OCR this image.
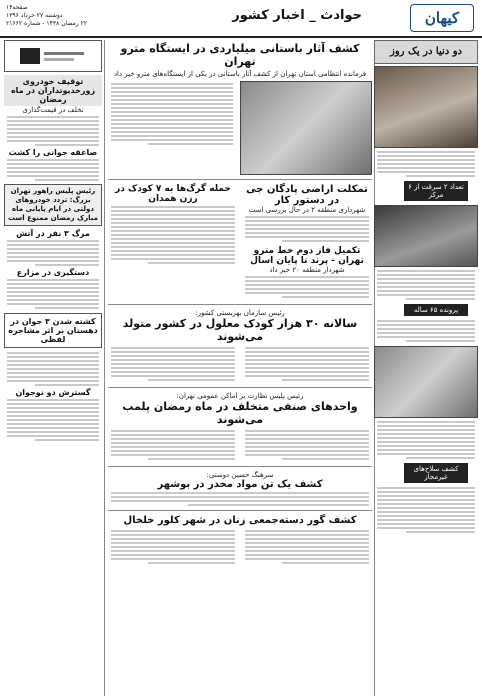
کیهان
حوادث _ اخبار کشور
صفحه۱۴
دوشنبه ۲۷ خرداد ۱۳۹۶
۲۲ رمضان ۱۴۳۸ - شماره ۲۱۶۶۲
دو دنیا در یک روز
تعداد ۲ سرقت از ۶ مرکز
پرونده ۶۵ ساله
کشف سلاح‌های غیرمجاز
کشف آثار باستانی میلیاردی در ایستگاه مترو تهران
فرمانده انتظامی استان تهران از کشف آثار باستانی در یکی از ایستگاه‌های مترو خبر داد
تمکلت اراضی پادگان جی در دستور کار
شهرداری منطقه ۲ در حال بررسی است
تکمیل فاز دوم خط مترو تهران - پرند تا پایان اسال
شهردار منطقه ۲۰ خبر داد
حمله گرگ‌ها به ۷ کودک در رزن همدان
رئیس سازمان بهزیستی کشور:
سالانه ۳۰ هزار کودک معلول در کشور متولد می‌شوند
رئیس پلیس نظارت بر اماکن عمومی تهران:
واحدهای صنفی متخلف در ماه رمضان پلمب می‌شوند
سرهنگ حسین دوستی:
کشف یک تن مواد مخدر در بوشهر
کشف گور دسته‌جمعی زنان در شهر کلور خلخال
توقیف خودروی زورخدیوتداران در ماه رمضان
تخلف در قیمت‌گذاری
صاعقه جوانی را کشت
رئیس پلیس راهور تهران بزرگ: تردد خودروهای دولتی در ایام پایانی ماه مبارک رمضان ممنوع است
مرگ ۳ نفر در آتش
دستگیری در مزارع
کشته شدن ۳ جوان در دهستان بر اثر مشاجره لفظی
گسترش دو نوجوان
